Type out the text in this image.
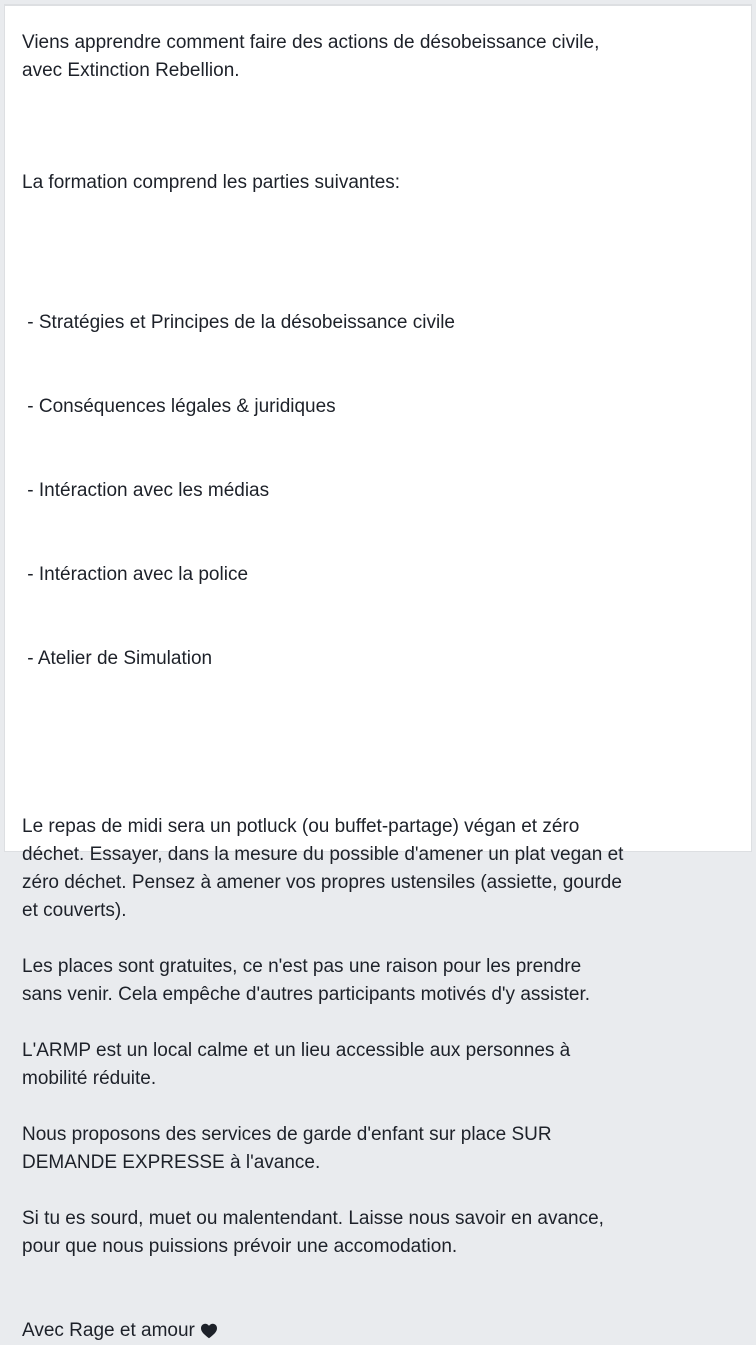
Viens apprendre comment faire des actions de désobeissance civile,
avec Extinction Rebellion.

La formation comprend les parties suivantes:

- Stratégies et Principes de la désobeissance civile

- Conséquences légales & juridiques

- Intéraction avec les médias

- Intéraction avec la police

- Atelier de Simulation

Le repas de midi sera un potluck (ou buffet-partage) végan et zéro
déchet. Essayer, dans la mesure du possible d'amener un plat vegan et
zéro déchet. Pensez à amener vos propres ustensiles (assiette, gourde
et couverts).

Les places sont gratuites, ce n'est pas une raison pour les prendre
sans venir. Cela empêche d'autres participants motivés d'y assister.

L'ARMP est un local calme et un lieu accessible aux personnes à
mobilité réduite.

Nous proposons des services de garde d'enfant sur place SUR
DEMANDE EXPRESSE à l'avance.

Si tu es sourd, muet ou malentendant. Laisse nous savoir en avance,
pour que nous puissions prévoir une accomodation.

Avec Rage et amour
